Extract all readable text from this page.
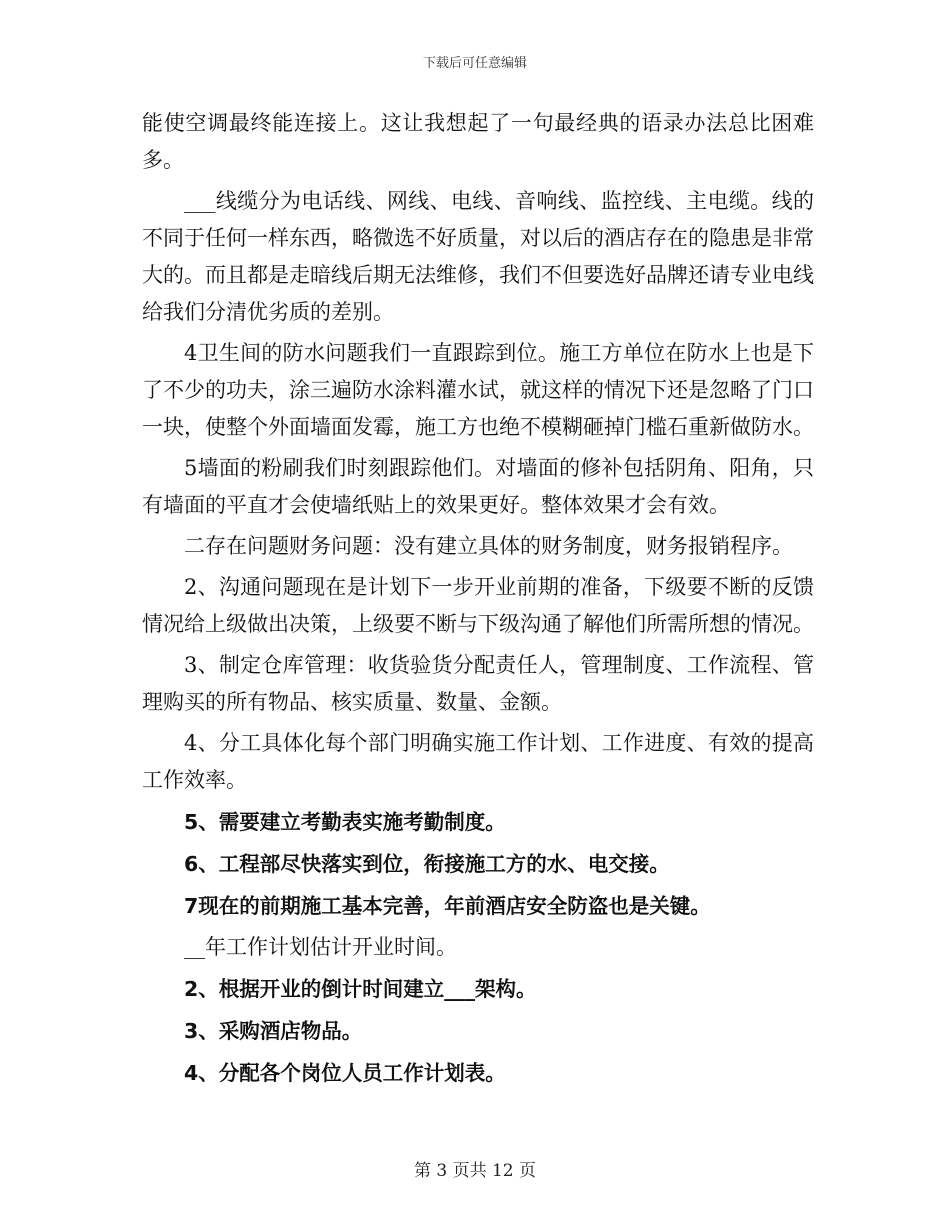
下载后可任意编辑

能使空调最终能连接上。这让我想起了一句最经典的语录办法总比困难多。

___线缆分为电话线、网线、电线、音响线、监控线、主电缆。线的不同于任何一样东西，略微选不好质量，对以后的酒店存在的隐患是非常大的。而且都是走暗线后期无法维修，我们不但要选好品牌还请专业电线给我们分清优劣质的差别。

4卫生间的防水问题我们一直跟踪到位。施工方单位在防水上也是下了不少的功夫，涂三遍防水涂料灌水试，就这样的情况下还是忽略了门口一块，使整个外面墙面发霉，施工方也绝不模糊砸掉门槛石重新做防水。

5墙面的粉刷我们时刻跟踪他们。对墙面的修补包括阴角、阳角，只有墙面的平直才会使墙纸贴上的效果更好。整体效果才会有效。

二存在问题财务问题：没有建立具体的财务制度，财务报销程序。

2、沟通问题现在是计划下一步开业前期的准备，下级要不断的反馈情况给上级做出决策，上级要不断与下级沟通了解他们所需所想的情况。

3、制定仓库管理：收货验货分配责任人，管理制度、工作流程、管理购买的所有物品、核实质量、数量、金额。

4、分工具体化每个部门明确实施工作计划、工作进度、有效的提高工作效率。

5、需要建立考勤表实施考勤制度。

6、工程部尽快落实到位，衔接施工方的水、电交接。

7现在的前期施工基本完善，年前酒店安全防盗也是关键。

__年工作计划估计开业时间。

2、根据开业的倒计时间建立___架构。

3、采购酒店物品。

4、分配各个岗位人员工作计划表。

第 3 页共 12 页
